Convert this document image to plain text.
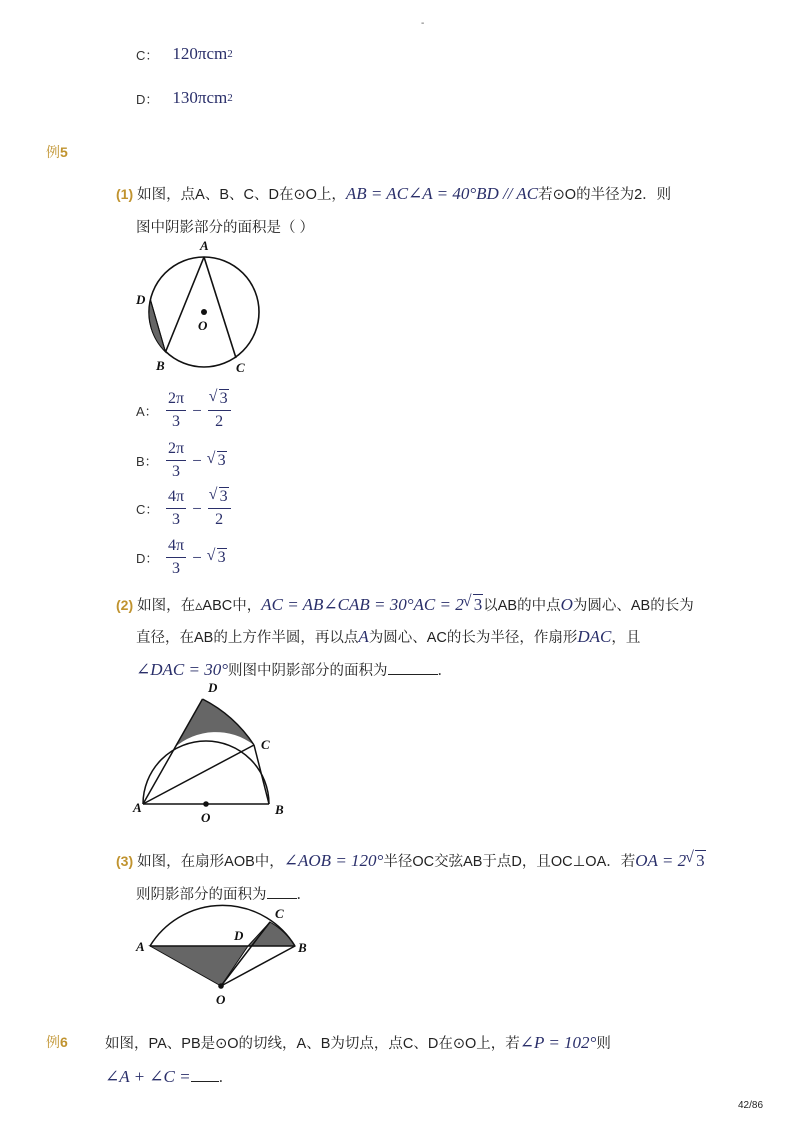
-
C： 120πcm 2
D： 130πcm 2
例5
(1) 如图，点A、B、C、D在⊙O上，AB = AC∠A = 40°BD // AC若⊙O的半径为2．则
图中阴影部分的面积是（ ）
A
D
O
B	C
A： $\frac{2\pi}{3}$ − √ $\frac{3}{2}$
B： $\frac{2\pi}{3}$ −	√ 3
C： $\frac{4\pi}{3}$ − √ $\frac{3}{2}$
D： $\frac{4\pi}{3}$ −	√ 3
(2) 如图，在▵ABC中，AC = AB∠CAB = 30°AC = 2 √ 3以AB的中点O为圆心、AB的长为
直径，在AB的上方作半圆，再以点A为圆心、AC的长为半径，作扇形DAC，且
∠DAC = 30°则图中阴影部分的面积为	．
D
C
A	B
O
(3) 如图，在扇形AOB中，∠AOB = 120°半径OC交弦AB于点D，且OC⊥OA．若OA = 2 √ 3
则阴影部分的面积为 ．
A
D
C
B
O
例6	如图，PA、PB是⊙O的切线，A、B为切点，点C、D在⊙O上，若∠P = 102°则
∠A + ∠C = ．
42/86
